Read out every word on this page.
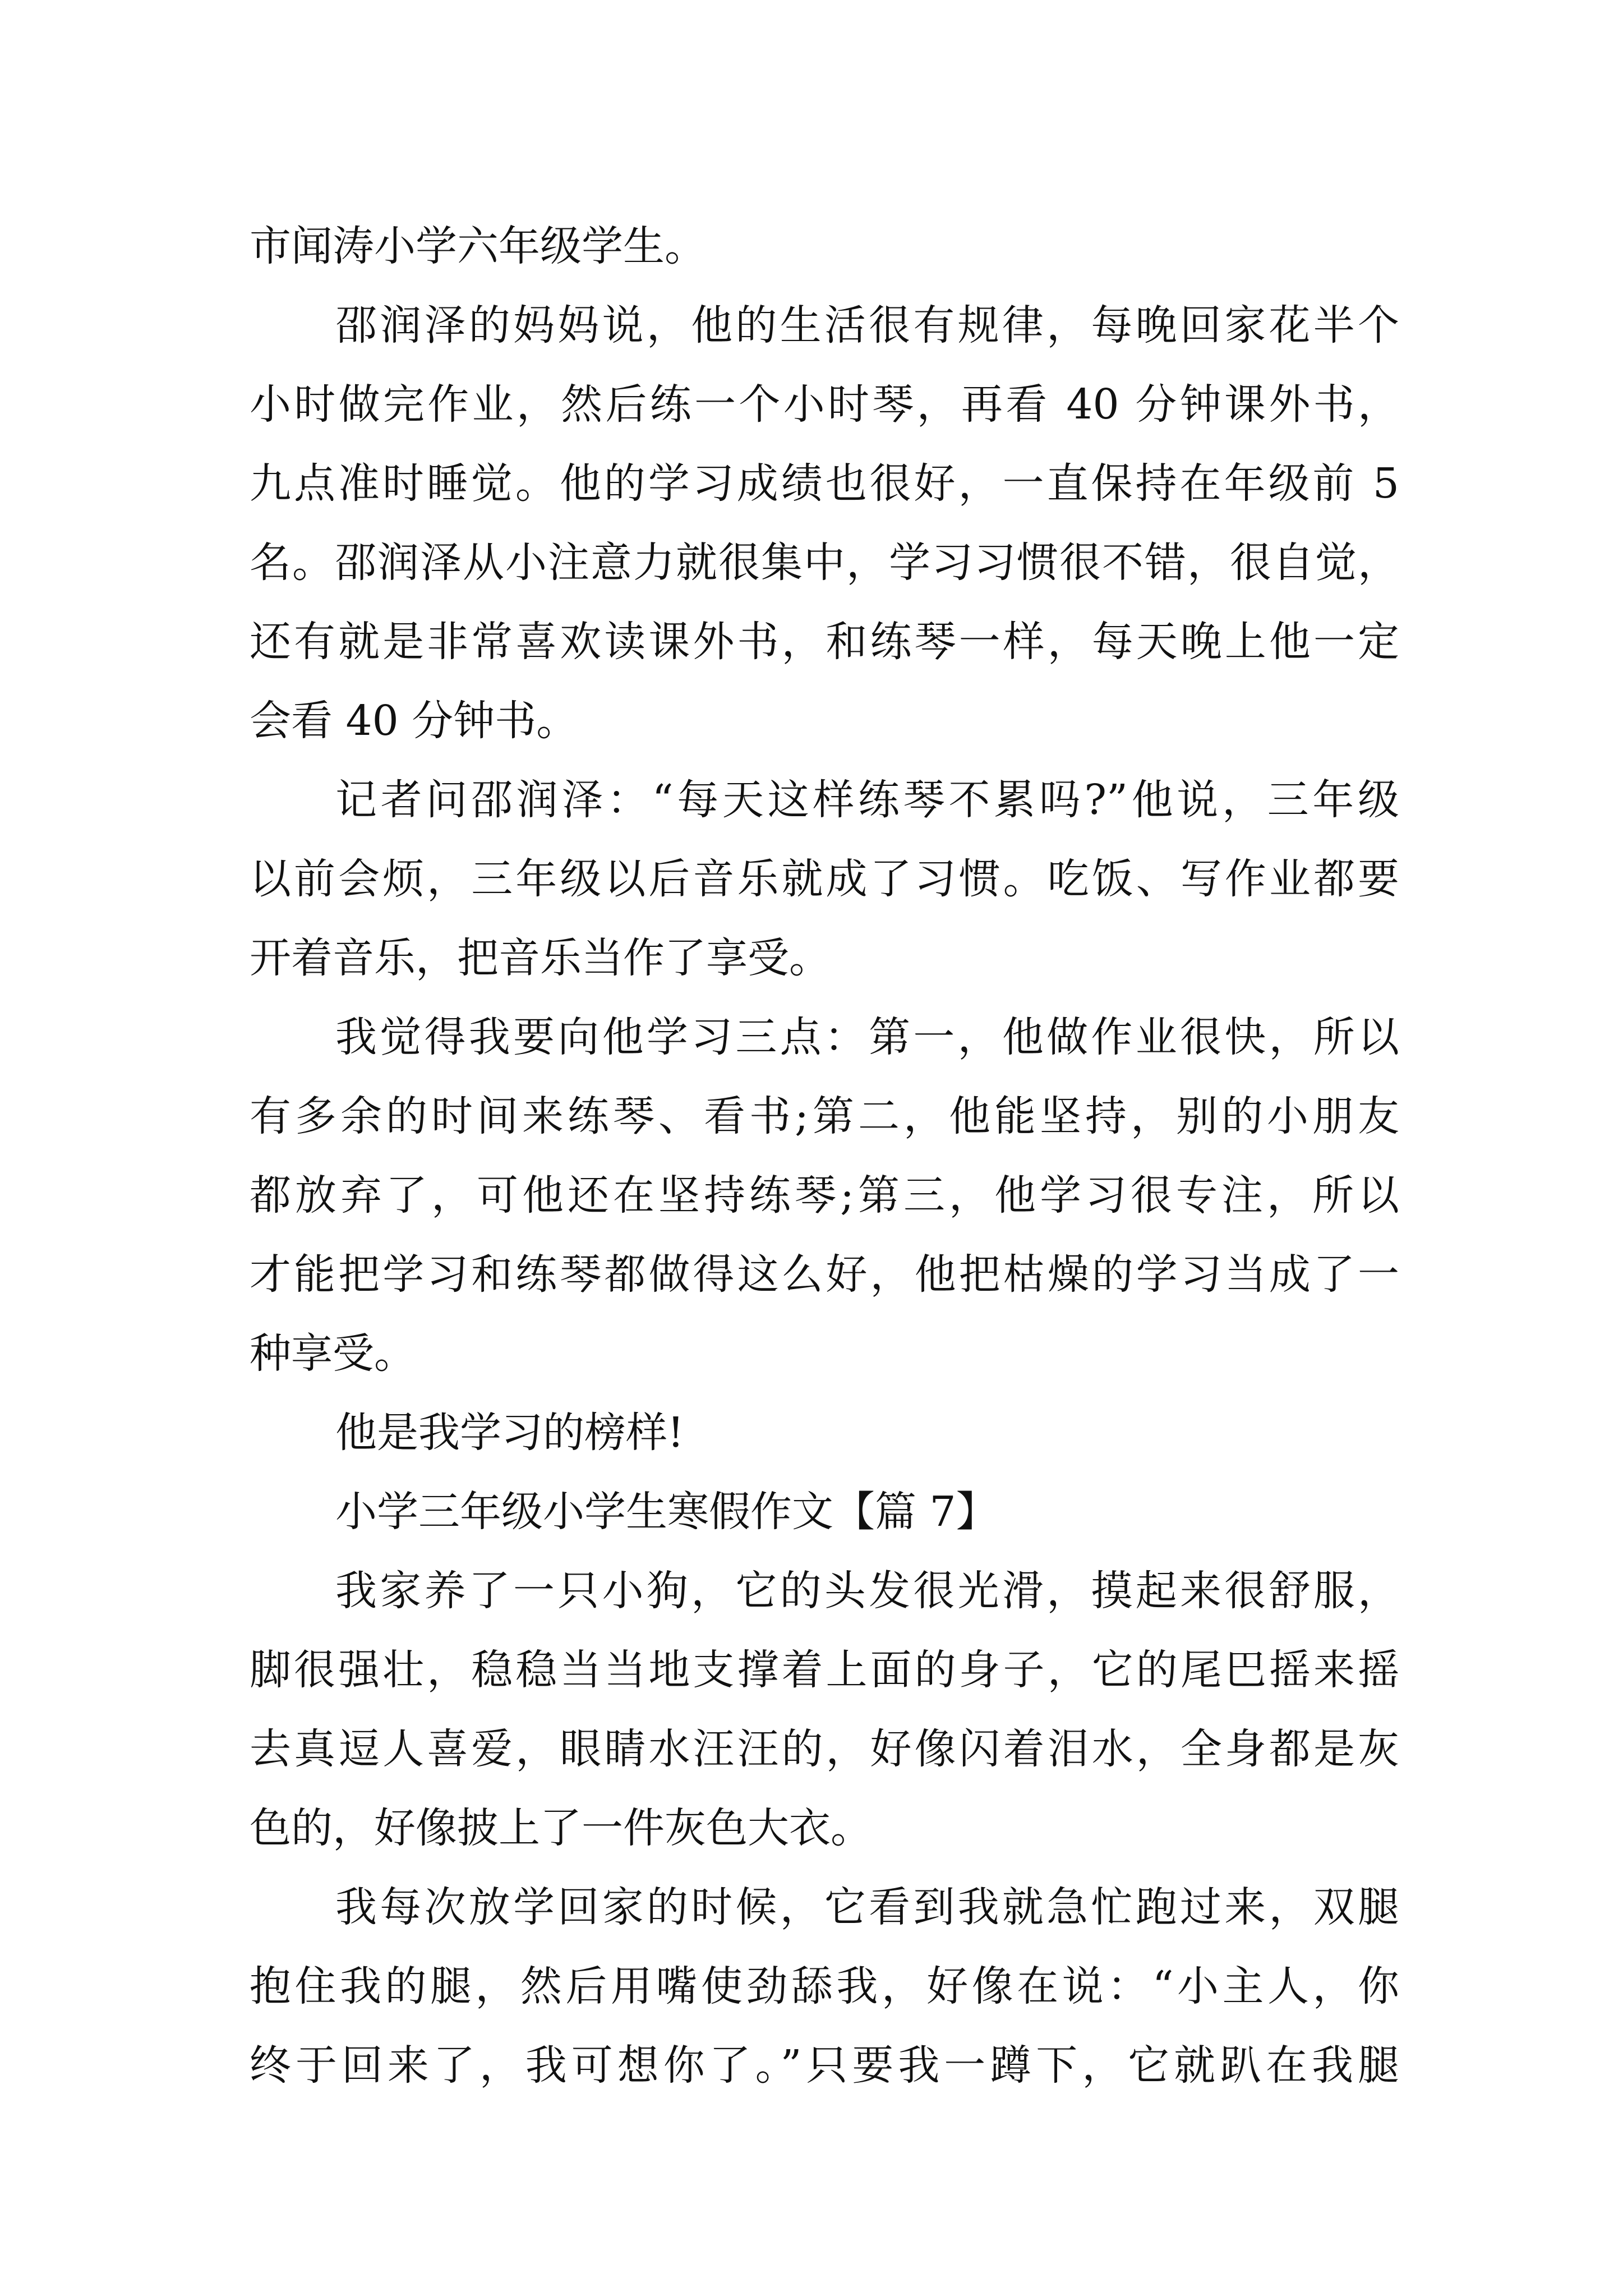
市闻涛小学六年级学生。
邵润泽的妈妈说，他的生活很有规律，每晚回家花半个
小时做完作业，然后练一个小时琴，再看 40 分钟课外书，
九点准时睡觉。他的学习成绩也很好，一直保持在年级前 5
名。邵润泽从小注意力就很集中，学习习惯很不错，很自觉，
还有就是非常喜欢读课外书，和练琴一样，每天晚上他一定
会看 40 分钟书。
记者问邵润泽：“每天这样练琴不累吗?”他说，三年级
以前会烦，三年级以后音乐就成了习惯。吃饭、写作业都要
开着音乐，把音乐当作了享受。
我觉得我要向他学习三点：第一，他做作业很快，所以
有多余的时间来练琴、看书;第二，他能坚持，别的小朋友
都放弃了，可他还在坚持练琴;第三，他学习很专注，所以
才能把学习和练琴都做得这么好，他把枯燥的学习当成了一
种享受。
他是我学习的榜样!
小学三年级小学生寒假作文【篇 7】
我家养了一只小狗，它的头发很光滑，摸起来很舒服，
脚很强壮，稳稳当当地支撑着上面的身子，它的尾巴摇来摇
去真逗人喜爱，眼睛水汪汪的，好像闪着泪水，全身都是灰
色的，好像披上了一件灰色大衣。
我每次放学回家的时候，它看到我就急忙跑过来，双腿
抱住我的腿，然后用嘴使劲舔我，好像在说：“小主人，你
终于回来了，我可想你了。”只要我一蹲下，它就趴在我腿
